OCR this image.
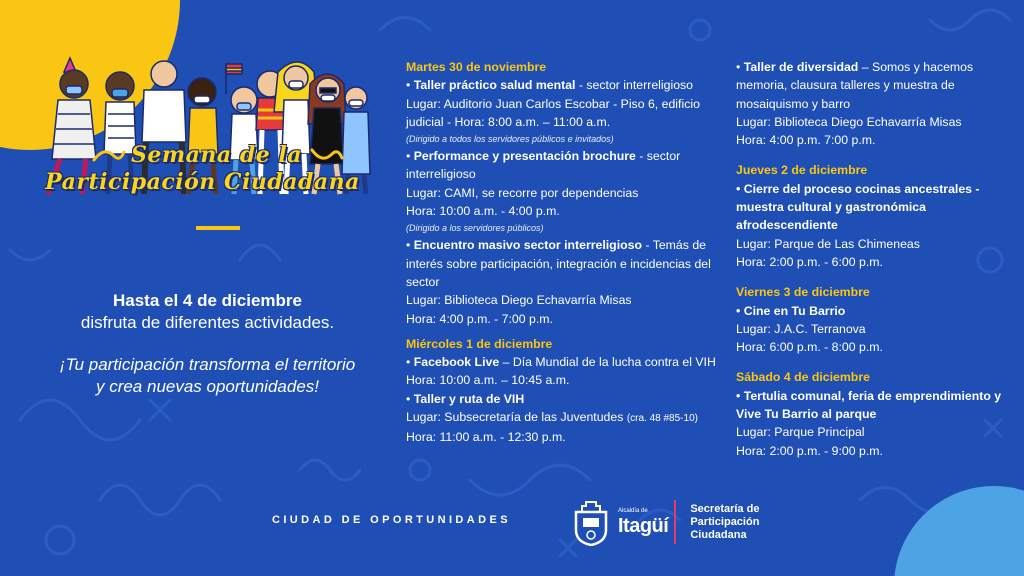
Semana de la
Participación Ciudadana
Hasta el 4 de diciembre
disfruta de diferentes actividades.
¡Tu participación transforma el territorio
y crea nuevas oportunidades!
Martes 30 de noviembre
• Taller práctico salud mental - sector interreligioso
Lugar: Auditorio Juan Carlos Escobar - Piso 6, edificio judicial - Hora: 8:00 a.m. – 11:00 a.m.
(Dirigido a todos los servidores públicos e invitados)
• Performance y presentación brochure - sector interreligioso
Lugar: CAMI, se recorre por dependencias
Hora: 10:00 a.m. - 4:00 p.m.
(Dirigido a los servidores públicos)
• Encuentro masivo sector interreligioso - Temás de interés sobre participación, integración e incidencias del sector
Lugar: Biblioteca Diego Echavarría Misas
Hora: 4:00 p.m. - 7:00 p.m.
Miércoles 1 de diciembre
• Facebook Live – Día Mundial de la lucha contra el VIH
Hora: 10:00 a.m. – 10:45 a.m.
• Taller y ruta de VIH
Lugar: Subsecretaría de las Juventudes (cra. 48 #85-10)
Hora: 11:00 a.m. - 12:30 p.m.
• Taller de diversidad – Somos y hacemos memoria, clausura talleres y muestra de mosaiquismo y barro
Lugar: Biblioteca Diego Echavarría Misas
Hora: 4:00 p.m. 7:00 p.m.
Jueves 2 de diciembre
• Cierre del proceso cocinas ancestrales - muestra cultural y gastronómica afrodescendiente
Lugar: Parque de Las Chimeneas
Hora: 2:00 p.m. - 6:00 p.m.
Viernes 3 de diciembre
• Cine en Tu Barrio
Lugar: J.A.C. Terranova
Hora: 6:00 p.m. - 8:00 p.m.
Sábado 4 de diciembre
• Tertulia comunal, feria de emprendimiento y Vive Tu Barrio al parque
Lugar: Parque Principal
Hora: 2:00 p.m. - 9:00 p.m.
CIUDAD DE OPORTUNIDADES
Alcaldía de
Itagüí
Secretaría de
Participación
Ciudadana
